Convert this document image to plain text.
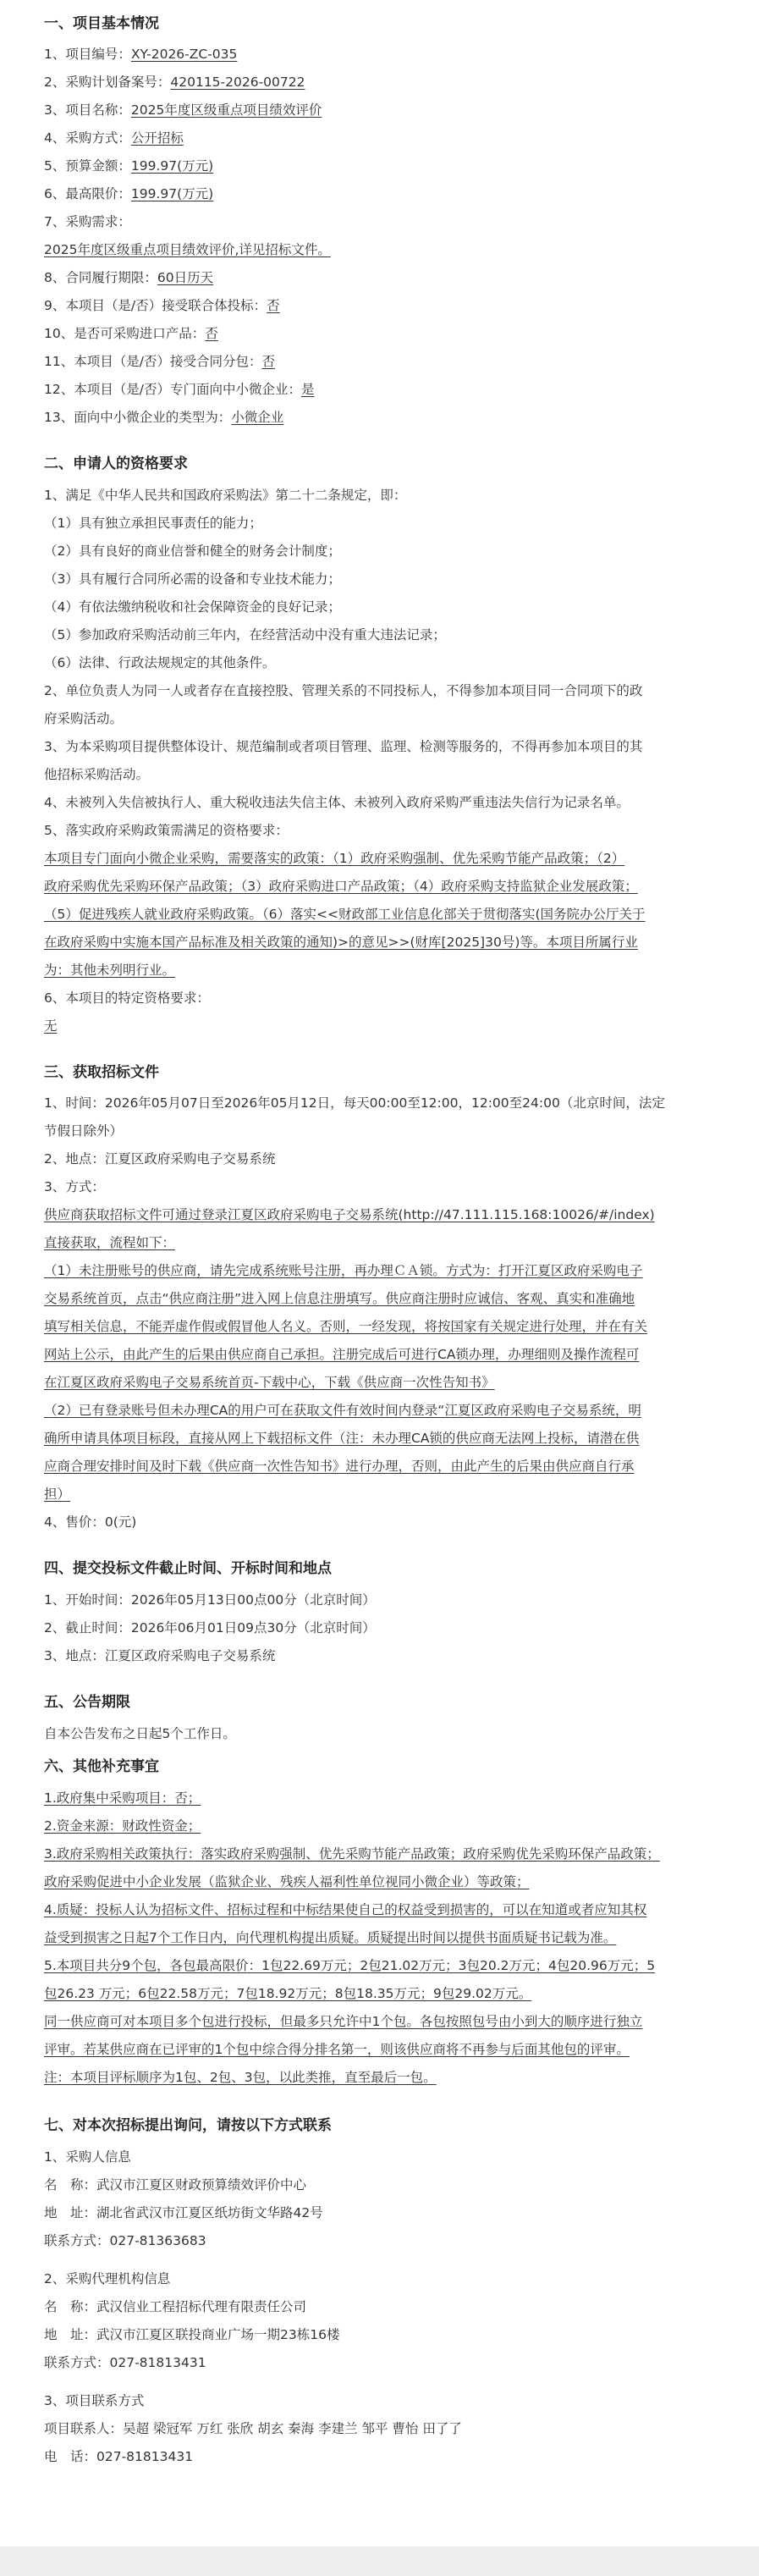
一、项目基本情况
1、项目编号：XY-2026-ZC-035
2、采购计划备案号：420115-2026-00722
3、项目名称：2025年度区级重点项目绩效评价
4、采购方式：公开招标
5、预算金额：199.97(万元)
6、最高限价：199.97(万元)
7、采购需求：
2025年度区级重点项目绩效评价,详见招标文件。
8、合同履行期限：60日历天
9、本项目（是/否）接受联合体投标：否
10、是否可采购进口产品：否
11、本项目（是/否）接受合同分包：否
12、本项目（是/否）专门面向中小微企业：是
13、面向中小微企业的类型为：小微企业
二、申请人的资格要求
1、满足《中华人民共和国政府采购法》第二十二条规定，即：
（1）具有独立承担民事责任的能力；
（2）具有良好的商业信誉和健全的财务会计制度；
（3）具有履行合同所必需的设备和专业技术能力；
（4）有依法缴纳税收和社会保障资金的良好记录；
（5）参加政府采购活动前三年内，在经营活动中没有重大违法记录；
（6）法律、行政法规规定的其他条件。
2、单位负责人为同一人或者存在直接控股、管理关系的不同投标人，不得参加本项目同一合同项下的政
府采购活动。
3、为本采购项目提供整体设计、规范编制或者项目管理、监理、检测等服务的，不得再参加本项目的其
他招标采购活动。
4、未被列入失信被执行人、重大税收违法失信主体、未被列入政府采购严重违法失信行为记录名单。
5、落实政府采购政策需满足的资格要求：
本项目专门面向小微企业采购，需要落实的政策：（1）政府采购强制、优先采购节能产品政策；（2）
政府采购优先采购环保产品政策；（3）政府采购进口产品政策；（4）政府采购支持监狱企业发展政策；
（5）促进残疾人就业政府采购政策。（6）落实<<财政部工业信息化部关于贯彻落实(国务院办公厅关于
在政府采购中实施本国产品标准及相关政策的通知)>的意见>>(财库[2025]30号)等。本项目所属行业
为：其他未列明行业。
6、本项目的特定资格要求：
无
三、获取招标文件
1、时间：2026年05月07日至2026年05月12日，每天00:00至12:00，12:00至24:00（北京时间，法定
节假日除外）
2、地点：江夏区政府采购电子交易系统
3、方式：
供应商获取招标文件可通过登录江夏区政府采购电子交易系统(http://47.111.115.168:10026/#/index)
直接获取，流程如下：
（1）未注册账号的供应商，请先完成系统账号注册，再办理ＣＡ锁。方式为：打开江夏区政府采购电子
交易系统首页，点击“供应商注册”进入网上信息注册填写。供应商注册时应诚信、客观、真实和准确地
填写相关信息，不能弄虚作假或假冒他人名义。否则，一经发现，将按国家有关规定进行处理，并在有关
网站上公示，由此产生的后果由供应商自己承担。注册完成后可进行CA锁办理，办理细则及操作流程可
在江夏区政府采购电子交易系统首页-下载中心，下载《供应商一次性告知书》
（2）已有登录账号但未办理CA的用户可在获取文件有效时间内登录“江夏区政府采购电子交易系统，明
确所申请具体项目标段，直接从网上下载招标文件（注：未办理CA锁的供应商无法网上投标，请潜在供
应商合理安排时间及时下载《供应商一次性告知书》进行办理，否则，由此产生的后果由供应商自行承
担）
4、售价：0(元)
四、提交投标文件截止时间、开标时间和地点
1、开始时间：2026年05月13日00点00分（北京时间）
2、截止时间：2026年06月01日09点30分（北京时间）
3、地点：江夏区政府采购电子交易系统
五、公告期限
自本公告发布之日起5个工作日。
六、其他补充事宜
1.政府集中采购项目：否；
2.资金来源：财政性资金；
3.政府采购相关政策执行：落实政府采购强制、优先采购节能产品政策；政府采购优先采购环保产品政策；
政府采购促进中小企业发展（监狱企业、残疾人福利性单位视同小微企业）等政策；
4.质疑：投标人认为招标文件、招标过程和中标结果使自己的权益受到损害的，可以在知道或者应知其权
益受到损害之日起7个工作日内，向代理机构提出质疑。质疑提出时间以提供书面质疑书记载为准。
5.本项目共分9个包，各包最高限价：1包22.69万元；2包21.02万元；3包20.2万元；4包20.96万元；5
包26.23 万元；6包22.58万元；7包18.92万元；8包18.35万元；9包29.02万元。
同一供应商可对本项目多个包进行投标，但最多只允许中1个包。各包按照包号由小到大的顺序进行独立
评审。若某供应商在已评审的1个包中综合得分排名第一，则该供应商将不再参与后面其他包的评审。
注：本项目评标顺序为1包、2包、3包，以此类推，直至最后一包。
七、对本次招标提出询问，请按以下方式联系
1、采购人信息
名　称：武汉市江夏区财政预算绩效评价中心
地　址：湖北省武汉市江夏区纸坊街文华路42号
联系方式：027-81363683
2、采购代理机构信息
名　称：武汉信业工程招标代理有限责任公司
地　址：武汉市江夏区联投商业广场一期23栋16楼
联系方式：027-81813431
3、项目联系方式
项目联系人：吴超 梁冠军 万红 张欣 胡玄 秦海 李建兰 邹平 曹怡 田了了
电　话：027-81813431
